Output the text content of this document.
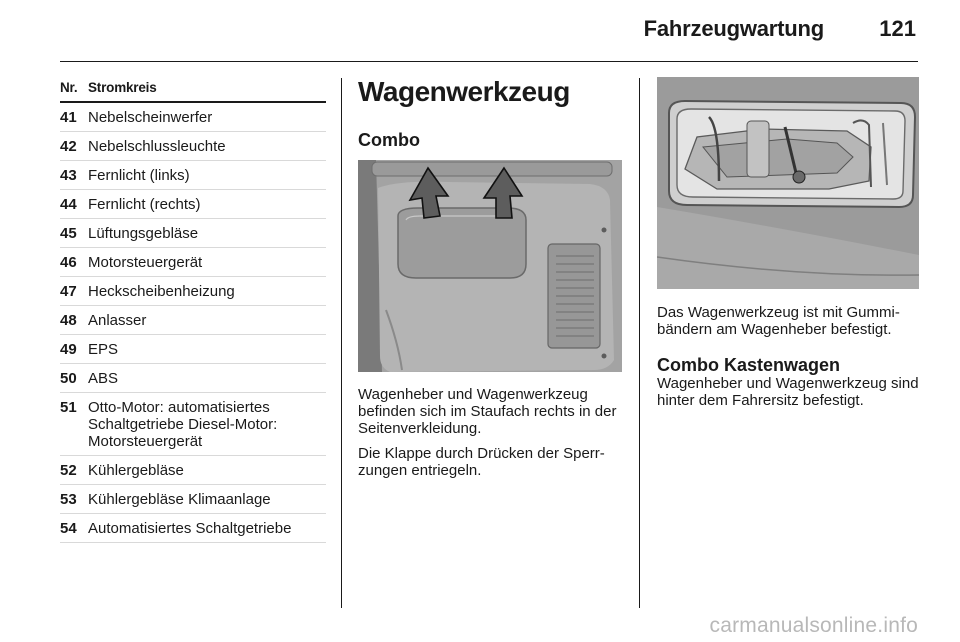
Fahrzeugwartung	121
Nr. Stromkreis
41 Nebelscheinwerfer
42 Nebelschlussleuchte
43 Fernlicht (links)
44 Fernlicht (rechts)
45 Lüftungsgebläse
46 Motorsteuergerät
47 Heckscheibenheizung
48 Anlasser
49 EPS
50 ABS
51 Otto-Motor: automatisiertes Schaltgetriebe Diesel-Motor: Motorsteuergerät
52 Kühlergebläse
53 Kühlergebläse Klimaanlage
54 Automatisiertes Schaltgetriebe
Wagenwerkzeug
Combo

Wagenheber und Wagenwerkzeug befinden sich im Staufach rechts in der Seitenverkleidung.

Die Klappe durch Drücken der Sperr-zungen entriegeln.

Das Wagenwerkzeug ist mit Gummi-bändern am Wagenheber befestigt.

Combo Kastenwagen

Wagenheber und Wagenwerkzeug sind hinter dem Fahrersitz befestigt.

carmanualsonline.info
